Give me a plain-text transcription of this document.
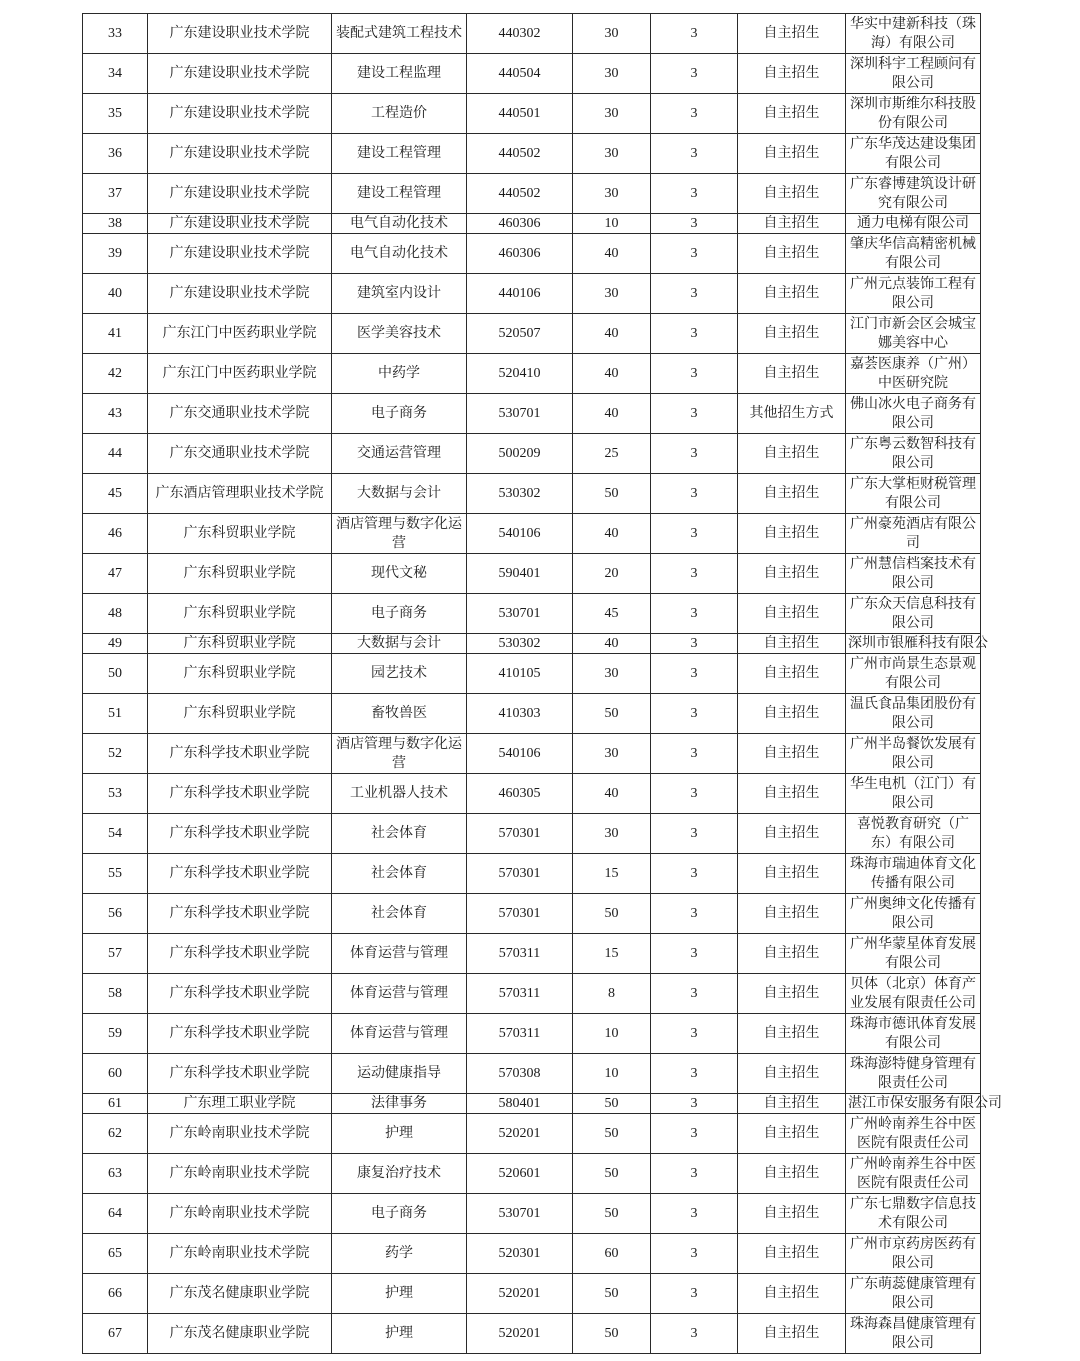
33	广东建设职业技术学院	装配式建筑工程技术	440302	30	3	自主招生	华实中建新科技（珠海）有限公司
34	广东建设职业技术学院	建设工程监理	440504	30	3	自主招生	深圳科宇工程顾问有限公司
35	广东建设职业技术学院	工程造价	440501	30	3	自主招生	深圳市斯维尔科技股份有限公司
36	广东建设职业技术学院	建设工程管理	440502	30	3	自主招生	广东华茂达建设集团有限公司
37	广东建设职业技术学院	建设工程管理	440502	30	3	自主招生	广东睿博建筑设计研究有限公司
38	广东建设职业技术学院	电气自动化技术	460306	10	3	自主招生	通力电梯有限公司
39	广东建设职业技术学院	电气自动化技术	460306	40	3	自主招生	肇庆华信高精密机械有限公司
40	广东建设职业技术学院	建筑室内设计	440106	30	3	自主招生	广州元点装饰工程有限公司
41	广东江门中医药职业学院	医学美容技术	520507	40	3	自主招生	江门市新会区会城宝娜美容中心
42	广东江门中医药职业学院	中药学	520410	40	3	自主招生	嘉荟医康养（广州）中医研究院
43	广东交通职业技术学院	电子商务	530701	40	3	其他招生方式	佛山冰火电子商务有限公司
44	广东交通职业技术学院	交通运营管理	500209	25	3	自主招生	广东粤云数智科技有限公司
45	广东酒店管理职业技术学院	大数据与会计	530302	50	3	自主招生	广东大掌柜财税管理有限公司
46	广东科贸职业学院	酒店管理与数字化运营	540106	40	3	自主招生	广州豪苑酒店有限公司
47	广东科贸职业学院	现代文秘	590401	20	3	自主招生	广州慧信档案技术有限公司
48	广东科贸职业学院	电子商务	530701	45	3	自主招生	广东众天信息科技有限公司
49	广东科贸职业学院	大数据与会计	530302	40	3	自主招生	深圳市银雁科技有限公
50	广东科贸职业学院	园艺技术	410105	30	3	自主招生	广州市尚景生态景观有限公司
51	广东科贸职业学院	畜牧兽医	410303	50	3	自主招生	温氏食品集团股份有限公司
52	广东科学技术职业学院	酒店管理与数字化运营	540106	30	3	自主招生	广州半岛餐饮发展有限公司
53	广东科学技术职业学院	工业机器人技术	460305	40	3	自主招生	华生电机（江门）有限公司
54	广东科学技术职业学院	社会体育	570301	30	3	自主招生	喜悦教育研究（广东）有限公司
55	广东科学技术职业学院	社会体育	570301	15	3	自主招生	珠海市瑞迪体育文化传播有限公司
56	广东科学技术职业学院	社会体育	570301	50	3	自主招生	广州奥绅文化传播有限公司
57	广东科学技术职业学院	体育运营与管理	570311	15	3	自主招生	广州华蒙星体育发展有限公司
58	广东科学技术职业学院	体育运营与管理	570311	8	3	自主招生	贝体（北京）体育产业发展有限责任公司
59	广东科学技术职业学院	体育运营与管理	570311	10	3	自主招生	珠海市德讯体育发展有限公司
60	广东科学技术职业学院	运动健康指导	570308	10	3	自主招生	珠海澎特健身管理有限责任公司
61	广东理工职业学院	法律事务	580401	50	3	自主招生	湛江市保安服务有限公司
62	广东岭南职业技术学院	护理	520201	50	3	自主招生	广州岭南养生谷中医医院有限责任公司
63	广东岭南职业技术学院	康复治疗技术	520601	50	3	自主招生	广州岭南养生谷中医医院有限责任公司
64	广东岭南职业技术学院	电子商务	530701	50	3	自主招生	广东七鼎数字信息技术有限公司
65	广东岭南职业技术学院	药学	520301	60	3	自主招生	广州市京药房医药有限公司
66	广东茂名健康职业学院	护理	520201	50	3	自主招生	广东萌蕊健康管理有限公司
67	广东茂名健康职业学院	护理	520201	50	3	自主招生	珠海森昌健康管理有限公司
